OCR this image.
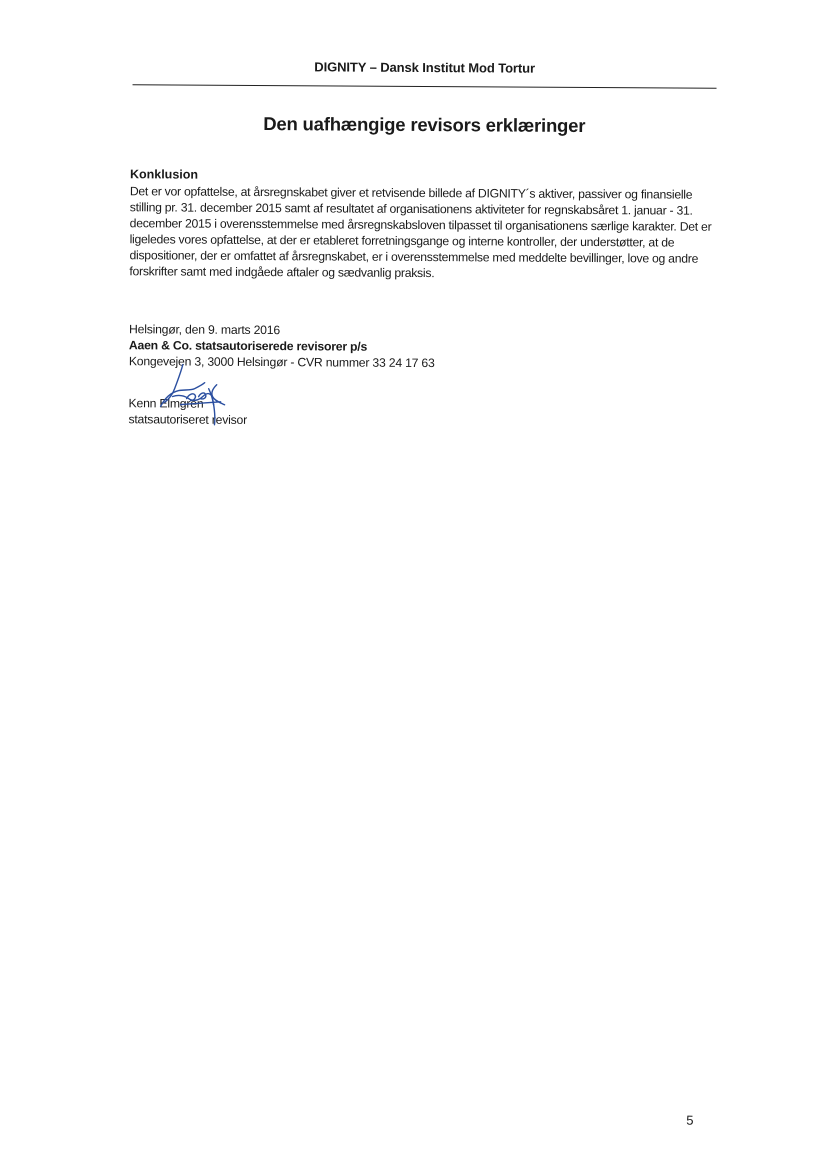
DIGNITY – Dansk Institut Mod Tortur
Den uafhængige revisors erklæringer
Konklusion

Det er vor opfattelse, at årsregnskabet giver et retvisende billede af DIGNITY´s aktiver, passiver og finansielle stilling pr. 31. december 2015 samt af resultatet af organisationens aktiviteter for regnskabsåret 1. januar - 31. december 2015 i overensstemmelse med årsregnskabsloven tilpasset til organisationens særlige karakter. Det er ligeledes vores opfattelse, at der er etableret forretningsgange og interne kontroller, der understøtter, at de dispositioner, der er omfattet af årsregnskabet, er i overensstemmelse med meddelte bevillinger, love og andre forskrifter samt med indgåede aftaler og sædvanlig praksis.

Helsingør, den 9. marts 2016
Aaen & Co. statsautoriserede revisorer p/s
Kongevejen 3, 3000 Helsingør - CVR nummer 33 24 17 63
Kenn Elmgren
statsautoriseret revisor
5
